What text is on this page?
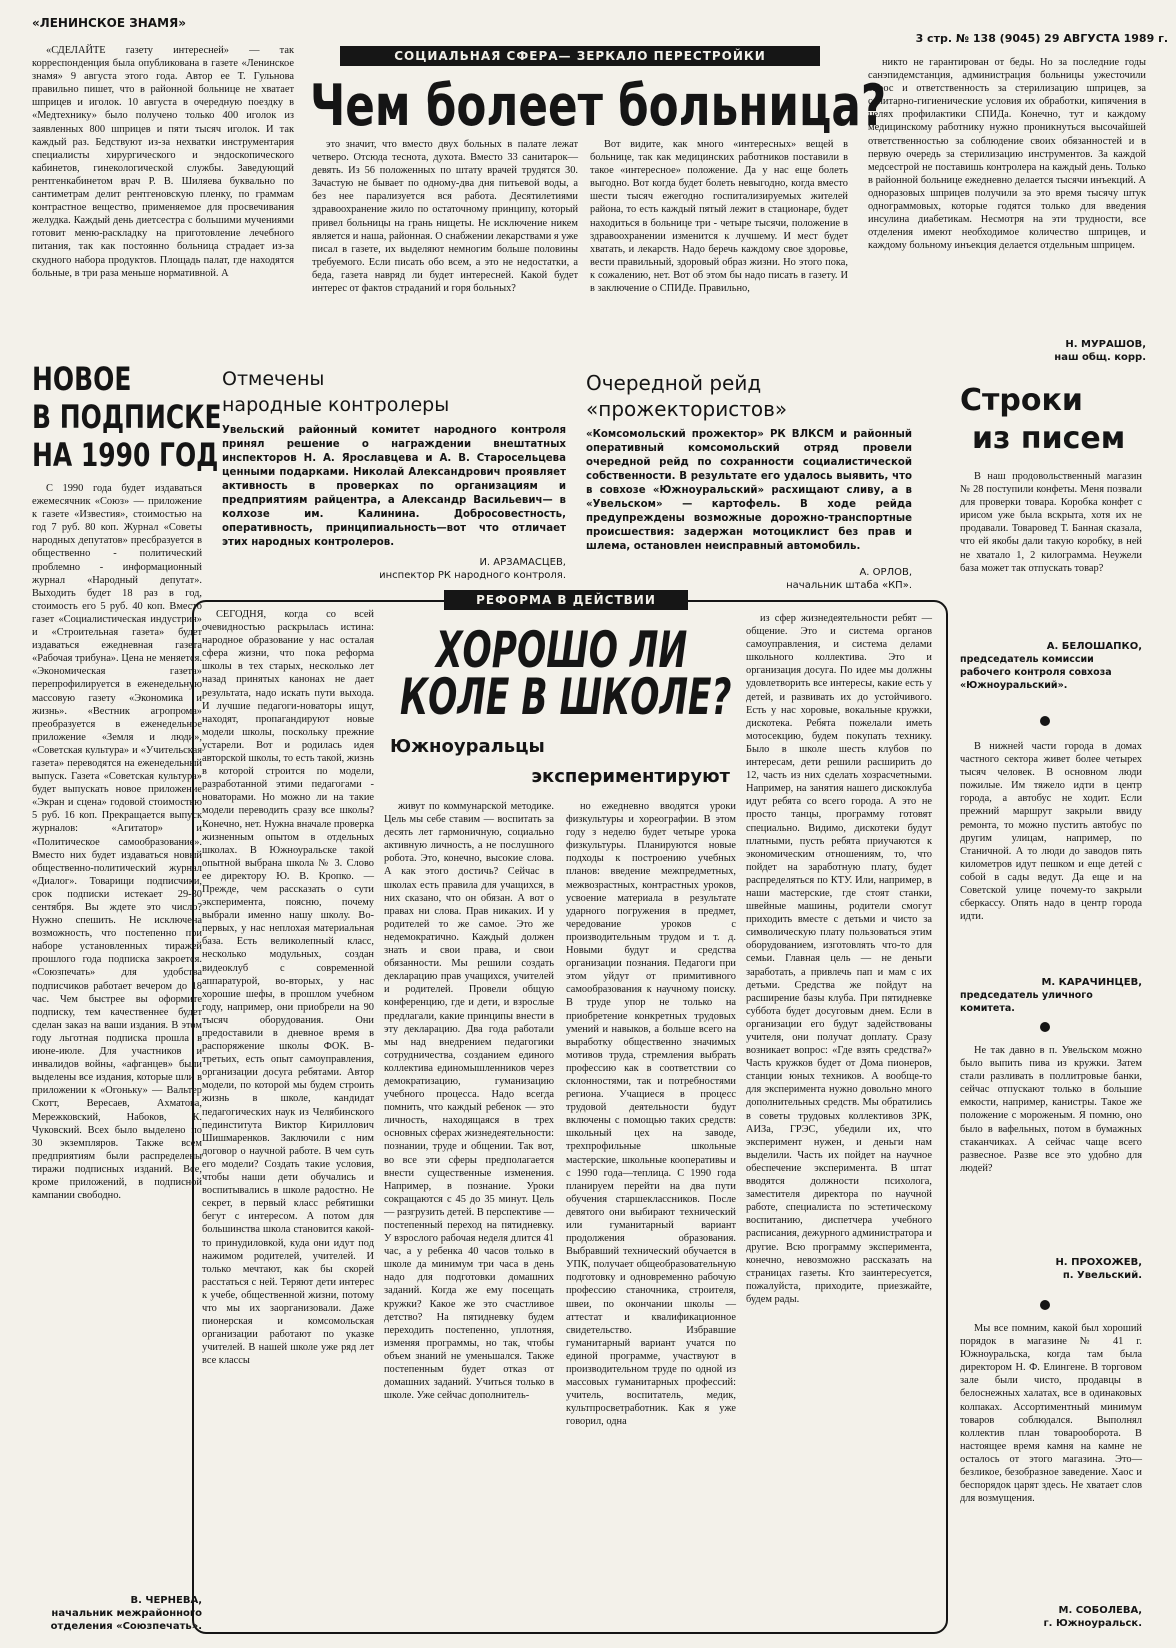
«ЛЕНИНСКОЕ ЗНАМЯ»
3 стр. № 138 (9045) 29 АВГУСТА 1989 г.
СОЦИАЛЬНАЯ СФЕРА— ЗЕРКАЛО ПЕРЕСТРОЙКИ
Чем болеет больница?

«СДЕЛАЙТЕ газету интересней» — так корреспонденция была опубликована в газете «Ленинское знамя» 9 августа этого года. Автор ее Т. Гульнова правильно пишет, что в районной больнице не хватает шприцев и иголок. 10 августа в очередную поездку в «Медтехнику» было получено только 400 иголок из заявленных 800 шприцев и пяти тысяч иголок. И так каждый раз. Бедствуют из-за нехватки инструментария специалисты хирургического и эндоскопического кабинетов, гинекологической службы. Заведующий рентгенкабинетом врач Р. В. Шиляева буквально по сантиметрам делит рентгеновскую пленку, по граммам контрастное вещество, применяемое для просвечивания желудка. Каждый день диетсестра с большими мучениями готовит меню-раскладку на приготовление лечебного питания, так как постоянно больница страдает из-за скудного набора продуктов. Площадь палат, где находятся больные, в три раза меньше нормативной. А

это значит, что вместо двух больных в палате лежат четверо. Отсюда теснота, духота. Вместо 33 санитарок—девять. Из 56 положенных по штату врачей трудятся 30. Зачастую не бывает по одному-два дня питьевой воды, а без нее парализуется вся работа. Десятилетиями здравоохранение жило по остаточному принципу, который привел больницы на грань нищеты. Не исключение никем является и наша, районная. О снабжении лекарствами я уже писал в газете, их выделяют немногим больше половины требуемого. Если писать обо всем, а это не недостатки, а беда, газета навряд ли будет интересней. Какой будет интерес от фактов страданий и горя больных?

Вот видите, как много «интересных» вещей в больнице, так как медицинских работников поставили в такое «интересное» положение. Да у нас еще болеть выгодно. Вот когда будет болеть невыгодно, когда вместо шести тысяч ежегодно госпитализируемых жителей района, то есть каждый пятый лежит в стационаре, будет находиться в больнице три - четыре тысячи, положение в здравоохранении изменится к лучшему. И мест будет хватать, и лекарств. Надо беречь каждому свое здоровье, вести правильный, здоровый образ жизни. Но этого пока, к сожалению, нет. Вот об этом бы надо писать в газету. И в заключение о СПИДе. Правильно,

никто не гарантирован от беды. Но за последние годы санэпидемстанция, администрация больницы ужесточили спрос и ответственность за стерилизацию шприцев, за санитарно-гигиенические условия их обработки, кипячения в целях профилактики СПИДа. Конечно, тут и каждому медицинскому работнику нужно проникнуться высочайшей ответственностью за соблюдение своих обязанностей и в первую очередь за стерилизацию инструментов. За каждой медсестрой не поставишь контролера на каждый день. Только в районной больнице ежедневно делается тысячи инъекций. А одноразовых шприцев получили за это время тысячу штук однограммовых, которые годятся только для введения инсулина диабетикам. Несмотря на эти трудности, все отделения имеют необходимое количество шприцев, и каждому больному инъекция делается отдельным шприцем.

Н. МУРАШОВ,
наш общ. корр.
НОВОЕ
В ПОДПИСКЕ
НА 1990 ГОД

С 1990 года будет издаваться ежемесячник «Союз» — приложение к газете «Известия», стоимостью на год 7 руб. 80 коп. Журнал «Советы народных депутатов» пресбразуется в общественно - политический проблемно - информационный журнал «Народный депутат». Выходить будет 18 раз в год, стоимость его 5 руб. 40 коп. Вместо газет «Социалистическая индустрия» и «Строительная газета» будет издаваться ежедневная газета «Рабочая трибуна». Цена не меняется. «Экономическая газета» перепрофилируется в еженедельную массовую газету «Экономика и жизнь». «Вестник агропрома» преобразуется в еженедельное приложение «Земля и люди», «Советская культура» и «Учительская газета» переводятся на еженедельный выпуск. Газета «Советская культура» будет выпускать новое приложение «Экран и сцена» годовой стоимостью 5 руб. 16 коп. Прекращается выпуск журналов: «Агитатор» и «Политическое самообразование». Вместо них будет издаваться новый общественно-политический журнал «Диалог». Товарищи подписчики, срок подписки истекает 29-30 сентября. Вы ждете это число? Нужно спешить. Не исключена возможность, что постепенно при наборе установленных тиражей прошлого года подписка закроется. «Союзпечать» для удобства подписчиков работает вечером до 18 час. Чем быстрее вы оформите подписку, тем качественнее будет сделан заказ на ваши издания. В этом году льготная подписка прошла в июне-июле. Для участников и инвалидов войны, «афганцев» были выделены все издания, которые шли в приложении к «Огоньку» — Вальтер Скотт, Вересаев, Ахматова, Мережковский, Набоков, К. Чуковский. Всех было выделено по 30 экземпляров. Также всем предприятиям были распределены тиражи подписных изданий. Все, кроме приложений, в подписной кампании свободно.

В. ЧЕРНЕВА,
начальник межрайонного отделения «Союзпечать».
Отмечены
народные контролеры
Увельский районный комитет народного контроля принял решение о награждении внештатных инспекторов Н. А. Ярославцева и А. В. Старосельцева ценными подарками. Николай Александрович проявляет активность в проверках по организациям и предприятиям райцентра, а Александр Васильевич— в колхозе им. Калинина. Добросовестность, оперативность, принципиальность—вот что отличает этих народных контролеров.
И. АРЗАМАСЦЕВ,
инспектор РК народного контроля.
Очередной рейд
«прожектористов»
«Комсомольский прожектор» РК ВЛКСМ и районный оперативный комсомольский отряд провели очередной рейд по сохранности социалистической собственности. В результате его удалось выявить, что в совхозе «Южноуральский» расхищают сливу, а в «Увельском» — картофель. В ходе рейда предупреждены возможные дорожно-транспортные происшествия: задержан мотоциклист без прав и шлема, остановлен неисправный автомобиль.
А. ОРЛОВ,
начальник штаба «КП».
РЕФОРМА В ДЕЙСТВИИ
ХОРОШО ЛИ
КОЛЕ В ШКОЛЕ?
Южноуральцы
экспериментируют

СЕГОДНЯ, когда со всей очевидностью раскрылась истина: народное образование у нас осталая сфера жизни, что пока реформа школы в тех старых, несколько лет назад принятых канонах не дает результата, надо искать пути выхода. И лучшие педагоги-новаторы ищут, находят, пропагандируют новые модели школы, поскольку прежние устарели. Вот и родилась идея авторской школы, то есть такой, жизнь в которой строится по модели, разработанной этими педагогами - новаторами. Но можно ли на такие модели переводить сразу все школы? Конечно, нет. Нужна вначале проверка жизненным опытом в отдельных школах. В Южноуральске такой опытной выбрана школа № 3. Слово ее директору Ю. В. Кропко. — Прежде, чем рассказать о сути эксперимента, поясню, почему выбрали именно нашу школу. Во-первых, у нас неплохая материальная база. Есть великолепный класс, несколько модульных, создан видеоклуб с современной аппаратурой, во-вторых, у нас хорошие шефы, в прошлом учебном году, например, они приобрели на 90 тысяч оборудования. Они предоставили в дневное время в распоряжение школы ФОК. В-третьих, есть опыт самоуправления, организации досуга ребятами. Автор модели, по которой мы будем строить жизнь в школе, кандидат педагогических наук из Челябинского пединститута Виктор Кириллович Шишмаренков. Заключили с ним договор о научной работе. В чем суть его модели? Создать такие условия, чтобы наши дети обучались и воспитывались в школе радостно. Не секрет, в первый класс ребятишки бегут с интересом. А потом для большинства школа становится какой-то принудиловкой, куда они идут под нажимом родителей, учителей. И только мечтают, как бы скорей расстаться с ней. Теряют дети интерес к учебе, общественной жизни, потому что мы их заорганизовали. Даже пионерская и комсомольская организации работают по указке учителей. В нашей школе уже ряд лет все классы

живут по коммунарской методике. Цель мы себе ставим — воспитать за десять лет гармоничную, социально активную личность, а не послушного робота. Это, конечно, высокие слова. А как этого достичь? Сейчас в школах есть правила для учащихся, в них сказано, что он обязан. А вот о правах ни слова. Прав никаких. И у родителей то же самое. Это же недемократично. Каждый должен знать и свои права, и свои обязанности. Мы решили создать декларацию прав учащихся, учителей и родителей. Провели общую конференцию, где и дети, и взрослые предлагали, какие принципы внести в эту декларацию. Два года работали мы над внедрением педагогики сотрудничества, созданием единого коллектива единомышленников через демократизацию, гуманизацию учебного процесса. Надо всегда помнить, что каждый ребенок — это личность, находящаяся в трех основных сферах жизнедеятельности: познании, труде и общении. Так вот, во все эти сферы предполагается внести существенные изменения. Например, в познание. Уроки сокращаются с 45 до 35 минут. Цель — разгрузить детей. В перспективе — постепенный переход на пятидневку. У взрослого рабочая неделя длится 41 час, а у ребенка 40 часов только в школе да минимум три часа в день надо для подготовки домашних заданий. Когда же ему посещать кружки? Какое же это счастливое детство? На пятидневку будем переходить постепенно, уплотняя, изменяя программы, но так, чтобы объем знаний не уменьшался. Также постепенным будет отказ от домашних заданий. Учиться только в школе. Уже сейчас дополнитель-

но ежедневно вводятся уроки физкультуры и хореографии. В этом году з неделю будет четыре урока физкультуры. Планируются новые подходы к построению учебных планов: введение межпредметных, межвозрастных, контрастных уроков, усвоение материала в результате ударного погружения в предмет, чередование уроков с производительным трудом и т. д. Новыми будут и средства организации познания. Педагоги при этом уйдут от примитивного самообразования к научному поиску. В труде упор не только на приобретение конкретных трудовых умений и навыков, а больше всего на выработку общественно значимых мотивов труда, стремления выбрать профессию как в соответствии со склонностями, так и потребностями региона. Учащиеся в процесс трудовой деятельности будут включены с помощью таких средств: школьный цех на заводе, трехпрофильные школьные мастерские, школьные кооперативы и с 1990 года—теплица. С 1990 года планируем перейти на два пути обучения старшеклассников. После девятого они выбирают технический или гуманитарный вариант продолжения образования. Выбравший технический обучается в УПК, получает общеобразовательную подготовку и одновременно рабочую профессию станочника, строителя, швеи, по окончании школы — аттестат и квалификационное свидетельство. Избравшие гуманитарный вариант учатся по единой программе, участвуют в производительном труде по одной из массовых гуманитарных профессий: учитель, воспитатель, медик, культпросветработник. Как я уже говорил, одна

из сфер жизнедеятельности ребят — общение. Это и система органов самоуправления, и система делами школьного коллектива. Это и организация досуга. По идее мы должны удовлетворить все интересы, какие есть у детей, и развивать их до устойчивого. Есть у нас хоровые, вокальные кружки, дискотека. Ребята пожелали иметь мотосекцию, будем покупать технику. Было в школе шесть клубов по интересам, дети решили расширить до 12, часть из них сделать хозрасчетными. Например, на занятия нашего дискоклуба идут ребята со всего города. А это не просто танцы, программу готовят специально. Видимо, дискотеки будут платными, пусть ребята приучаются к экономическим отношениям, то, что пойдет на заработную плату, будет распределяться по КТУ. Или, например, в наши мастерские, где стоят станки, швейные машины, родители смогут приходить вместе с детьми и чисто за символическую плату пользоваться этим оборудованием, изготовлять что-то для семьи. Главная цель — не деньги заработать, а привлечь пап и мам с их детьми. Средства же пойдут на расширение базы клуба. При пятидневке суббота будет досуговым днем. Если в организации его будут задействованы учителя, они получат доплату. Сразу возникает вопрос: «Где взять средства?» Часть кружков будет от Дома пионеров, станции юных техников. А вообще-то для эксперимента нужно довольно много дополнительных средств. Мы обратились в советы трудовых коллективов ЗРК, АИЗа, ГРЭС, убедили их, что эксперимент нужен, и деньги нам выделили. Часть их пойдет на научное обеспечение эксперимента. В штат вводятся должности психолога, заместителя директора по научной работе, специалиста по эстетическому воспитанию, диспетчера учебного расписания, дежурного администратора и другие. Всю программу эксперимента, конечно, невозможно рассказать на страницах газеты. Кто заинтересуется, пожалуйста, приходите, приезжайте, будем рады.

Строки
из писем

В наш продовольственный магазин № 28 поступили конфеты. Меня позвали для проверки товара. Коробка конфет с ирисом уже была вскрыта, хотя их не продавали. Товаровед Т. Банная сказала, что ей якобы дали такую коробку, в ней не хватало 1, 2 килограмма. Неужели база может так отпускать товар?

А. БЕЛОШАПКО,
председатель комиссии рабочего контроля совхоза «Южноуральский».

В нижней части города в домах частного сектора живет более четырех тысяч человек. В основном люди пожилые. Им тяжело идти в центр города, а автобус не ходит. Если прежний маршрут закрыли ввиду ремонта, то можно пустить автобус по другим улицам, например, по Станичной. А то люди до заводов пять километров идут пешком и еще детей с собой в сады ведут. Да еще и на Советской улице почему-то закрыли сберкассу. Опять надо в центр города идти.

М. КАРАЧИНЦЕВ,
председатель уличного комитета.

Не так давно в п. Увельском можно было выпить пива из кружки. Затем стали разливать в поллитровые банки, сейчас отпускают только в большие емкости, например, канистры. Такое же положение с мороженым. Я помню, оно было в вафельных, потом в бумажных стаканчиках. А сейчас чаще всего развесное. Разве все это удобно для людей?

Н. ПРОХОЖЕВ,
п. Увельский.

Мы все помним, какой был хороший порядок в магазине № 41 г. Южноуральска, когда там была директором Н. Ф. Елингене. В торговом зале были чисто, продавцы в белоснежных халатах, все в одинаковых колпаках. Ассортиментный минимум товаров соблюдался. Выполнял коллектив план товарооборота. В настоящее время камня на камне не осталось от этого магазина. Это—безликое, безобразное заведение. Хаос и беспорядок царят здесь. Не хватает слов для возмущения.

М. СОБОЛЕВА,
г. Южноуральск.
